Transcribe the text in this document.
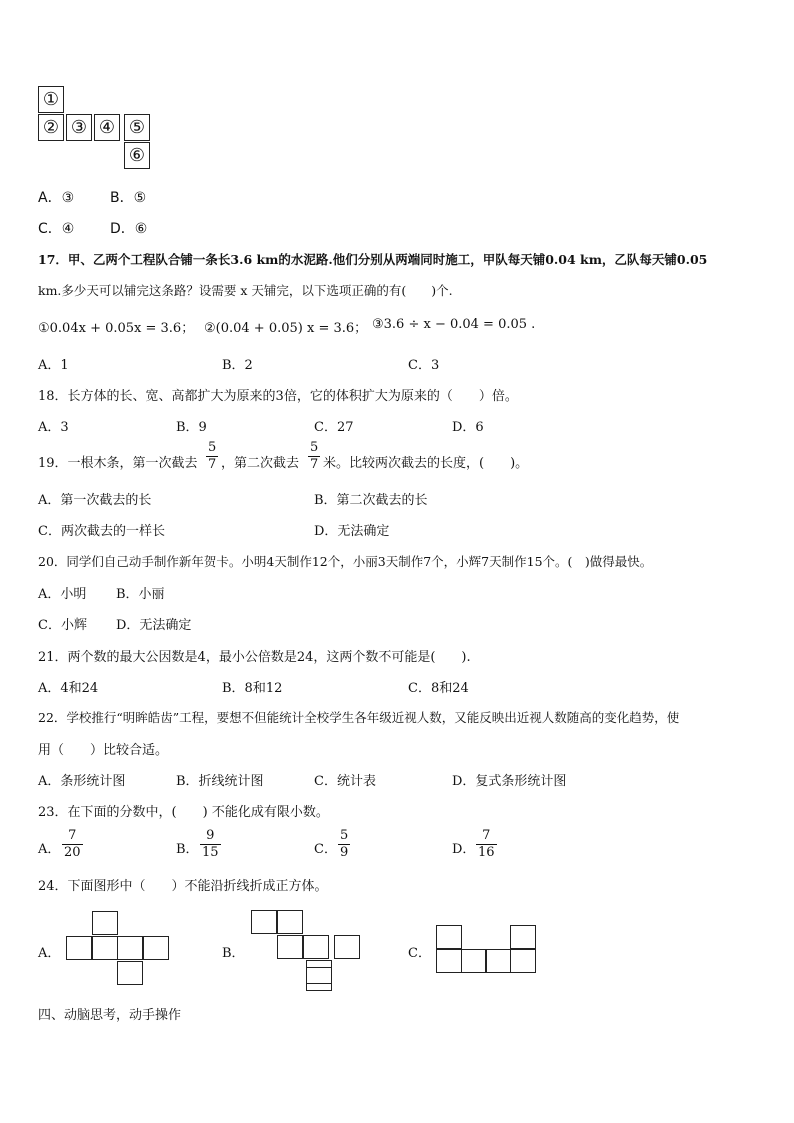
①
② ③ ④ ⑤
⑥
A．③	B．⑤
C．④	D．⑥
17．甲、乙两个工程队合铺一条长3.6 km的水泥路.他们分别从两端同时施工，甲队每天铺0.04 km，乙队每天铺0.05
km.多少天可以铺完这条路？设需要 x 天铺完，以下选项正确的有(　　)个.
①0.04x + 0.05x = 3.6； ②(0.04 + 0.05) x = 3.6； ③3.6 ÷ x − 0.04 = 0.05 .
A．1	B．2	C．3
18．长方体的长、宽、高都扩大为原来的3倍，它的体积扩大为原来的（　　）倍。
A．3	B．9	C．27	D．6
19．一根木条，第一次截去 $\frac{5}{7}$ ，第二次截去 $\frac{5}{7}$ 米。比较两次截去的长度，(　　)。
A．第一次截去的长	B．第二次截去的长
C．两次截去的一样长	D．无法确定
20．同学们自己动手制作新年贺卡。小明4天制作12个，小丽3天制作7个，小辉7天制作15个。(　)做得最快。
A．小明 B．小丽
C．小辉 D．无法确定
21．两个数的最大公因数是4，最小公倍数是24，这两个数不可能是(　　).
A．4和24	B．8和12	C．8和24
22．学校推行“明眸皓齿”工程，要想不但能统计全校学生各年级近视人数，又能反映出近视人数随高的变化趋势，使
用（　　）比较合适。
A．条形统计图	B．折线统计图	C．统计表	D．复式条形统计图
23．在下面的分数中，(　　) 不能化成有限小数。
A． $\frac{7}{20}$	B． $\frac{9}{15}$	C． $\frac{5}{9}$	D． $\frac{7}{16}$
24．下面图形中（　　）不能沿折线折成正方体。
A．	B．	C．
四、动脑思考，动手操作
